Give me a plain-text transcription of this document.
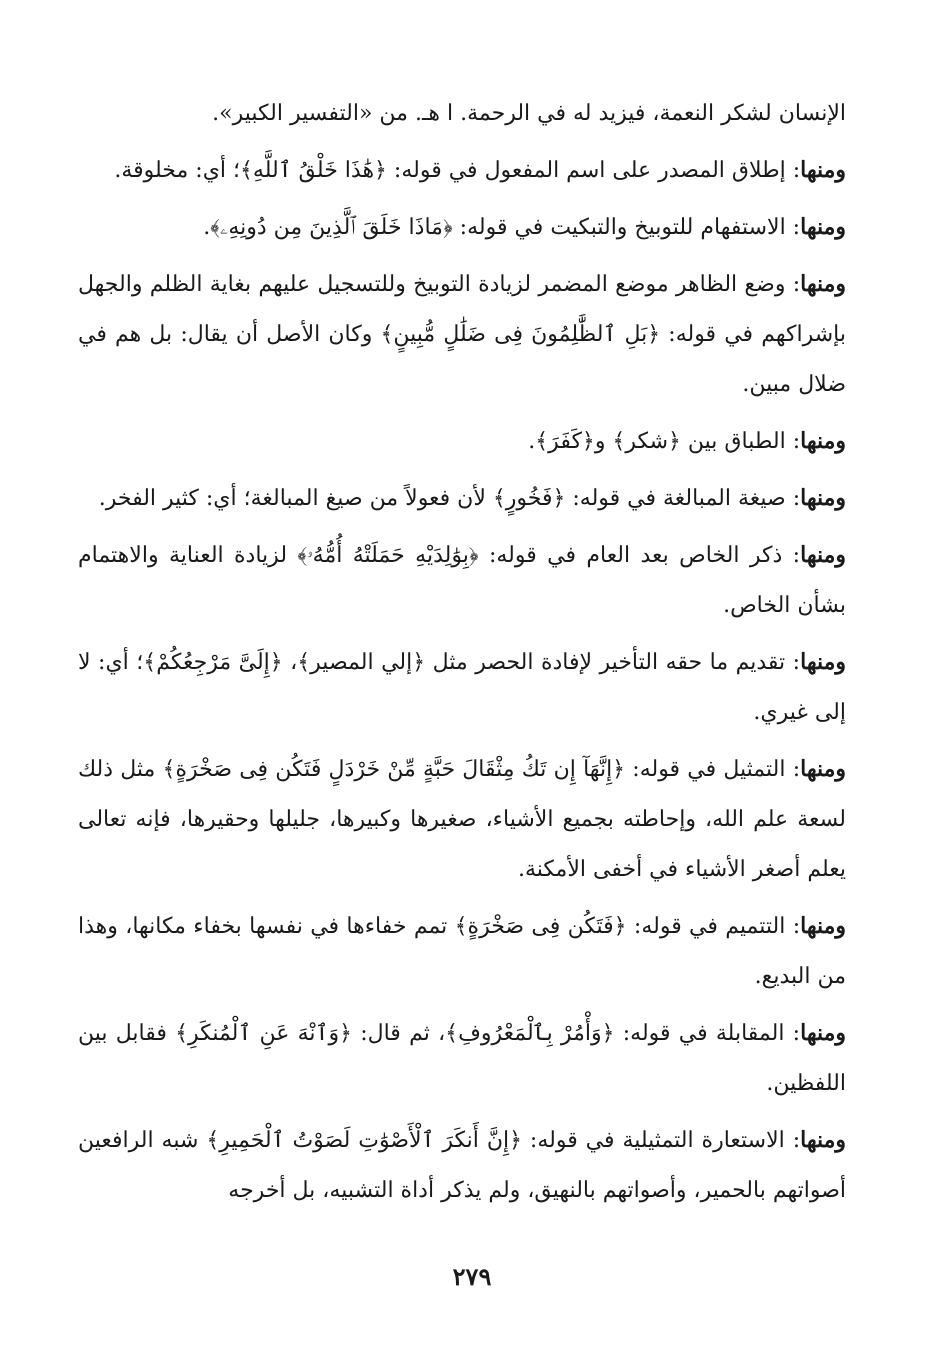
الإنسان لشكر النعمة، فيزيد له في الرحمة. ا هـ. من «التفسير الكبير».

ومنها: إطلاق المصدر على اسم المفعول في قوله: ﴿هَٰذَا خَلْقُ ٱللَّهِ﴾؛ أي: مخلوقة.

ومنها: الاستفهام للتوبيخ والتبكيت في قوله: ﴿مَاذَا خَلَقَ ٱلَّذِينَ مِن دُونِهِۦ﴾.

ومنها: وضع الظاهر موضع المضمر لزيادة التوبيخ وللتسجيل عليهم بغاية الظلم والجهل بإشراكهم في قوله: ﴿بَلِ ٱلظَّٰلِمُونَ فِى ضَلَٰلٍ مُّبِينٍ﴾ وكان الأصل أن يقال: بل هم في ضلال مبين.

ومنها: الطباق بين ﴿شكر﴾ و﴿كَفَرَ﴾.

ومنها: صيغة المبالغة في قوله: ﴿فَخُورٍ﴾ لأن فعولاً من صيغ المبالغة؛ أي: كثير الفخر.

ومنها: ذكر الخاص بعد العام في قوله: ﴿بِوَٰلِدَيْهِ حَمَلَتْهُ أُمُّهُۥ﴾ لزيادة العناية والاهتمام بشأن الخاص.

ومنها: تقديم ما حقه التأخير لإفادة الحصر مثل ﴿إلي المصير﴾، ﴿إِلَىَّ مَرْجِعُكُمْ﴾؛ أي: لا إلى غيري.

ومنها: التمثيل في قوله: ﴿إِنَّهَآ إِن تَكُ مِثْقَالَ حَبَّةٍ مِّنْ خَرْدَلٍ فَتَكُن فِى صَخْرَةٍ﴾ مثل ذلك لسعة علم الله، وإحاطته بجميع الأشياء، صغيرها وكبيرها، جليلها وحقيرها، فإنه تعالى يعلم أصغر الأشياء في أخفى الأمكنة.

ومنها: التتميم في قوله: ﴿فَتَكُن فِى صَخْرَةٍ﴾ تمم خفاءها في نفسها بخفاء مكانها، وهذا من البديع.

ومنها: المقابلة في قوله: ﴿وَأْمُرْ بِٱلْمَعْرُوفِ﴾، ثم قال: ﴿وَٱنْهَ عَنِ ٱلْمُنكَرِ﴾ فقابل بين اللفظين.

ومنها: الاستعارة التمثيلية في قوله: ﴿إِنَّ أَنكَرَ ٱلْأَصْوَٰتِ لَصَوْتُ ٱلْحَمِيرِ﴾ شبه الرافعين أصواتهم بالحمير، وأصواتهم بالنهيق، ولم يذكر أداة التشبيه، بل أخرجه

٢٧٩
